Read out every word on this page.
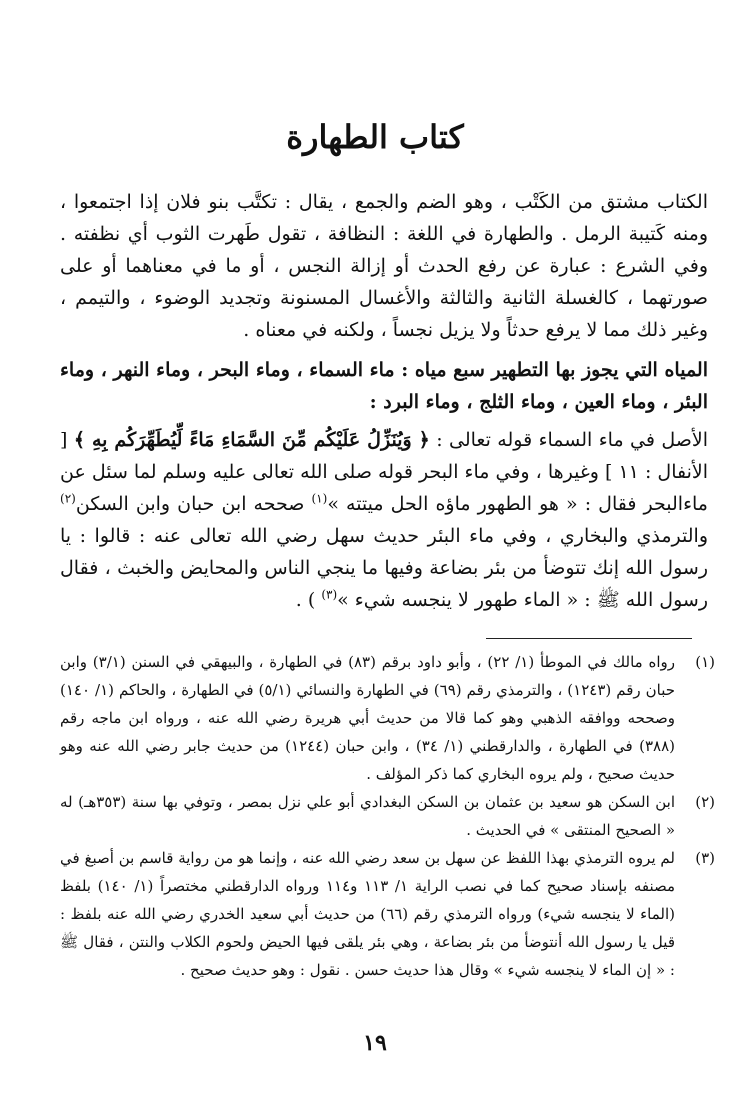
كتاب الطهارة

الكتاب مشتق من الكَتْب ، وهو الضم والجمع ، يقال : تكتَّب بنو فلان إذا اجتمعوا ، ومنه كَتيبة الرمل . والطهارة في اللغة : النظافة ، تقول طَهرت الثوب أي نظفته . وفي الشرع : عبارة عن رفع الحدث أو إزالة النجس ، أو ما في معناهما أو على صورتهما ، كالغسلة الثانية والثالثة والأغسال المسنونة وتجديد الوضوء ، والتيمم ، وغير ذلك مما لا يرفع حدثاً ولا يزيل نجساً ، ولكنه في معناه .

المياه التي يجوز بها التطهير سبع مياه : ماء السماء ، وماء البحر ، وماء النهر ، وماء البئر ، وماء العين ، وماء الثلج ، وماء البرد :

الأصل في ماء السماء قوله تعالى : ﴿ وَيُنَزِّلُ عَلَيْكُم مِّنَ السَّمَاءِ مَاءً لِّيُطَهِّرَكُم بِهِ ﴾ [ الأنفال : ١١ ] وغيرها ، وفي ماء البحر قوله صلى الله تعالى عليه وسلم لما سئل عن ماءالبحر فقال : « هو الطهور ماؤه الحل ميتته »$^{(١)}$ صححه ابن حبان وابن السكن$^{(٢)}$ والترمذي والبخاري ، وفي ماء البئر حديث سهل رضي الله تعالى عنه : قالوا : يا رسول الله إنك تتوضأ من بئر بضاعة وفيها ما ينجي الناس والمحايض والخبث ، فقال رسول الله ﷺ : « الماء طهور لا ينجسه شيء »$^{(٣)}$ ) .

(١)
رواه مالك في الموطأ (١/ ٢٢) ، وأبو داود برقم (٨٣) في الطهارة ، والبيهقي في السنن (٣/١) وابن حبان رقم (١٢٤٣) ، والترمذي رقم (٦٩) في الطهارة والنسائي (٥/١) في الطهارة ، والحاكم (١/ ١٤٠) وصححه ووافقه الذهبي وهو كما قالا من حديث أبي هريرة رضي الله عنه ، ورواه ابن ماجه رقم (٣٨٨) في الطهارة ، والدارقطني (١/ ٣٤) ، وابن حبان (١٢٤٤) من حديث جابر رضي الله عنه وهو حديث صحيح ، ولم يروه البخاري كما ذكر المؤلف .
(٢)
ابن السكن هو سعيد بن عثمان بن السكن البغدادي أبو علي نزل بمصر ، وتوفي بها سنة (٣٥٣هـ) له « الصحيح المنتقى » في الحديث .
(٣)
لم يروه الترمذي بهذا اللفظ عن سهل بن سعد رضي الله عنه ، وإنما هو من رواية قاسم بن أصبغ في مصنفه بإسناد صحيح كما في نصب الراية ١/ ١١٣ و١١٤ ورواه الدارقطني مختصراً (١/ ١٤٠) بلفظ (الماء لا ينجسه شيء) ورواه الترمذي رقم (٦٦) من حديث أبي سعيد الخدري رضي الله عنه بلفظ : قيل يا رسول الله أنتوضأ من بئر بضاعة ، وهي بئر يلقى فيها الحيض ولحوم الكلاب والنتن ، فقال ﷺ : « إن الماء لا ينجسه شيء » وقال هذا حديث حسن . نقول : وهو حديث صحيح .
١٩
